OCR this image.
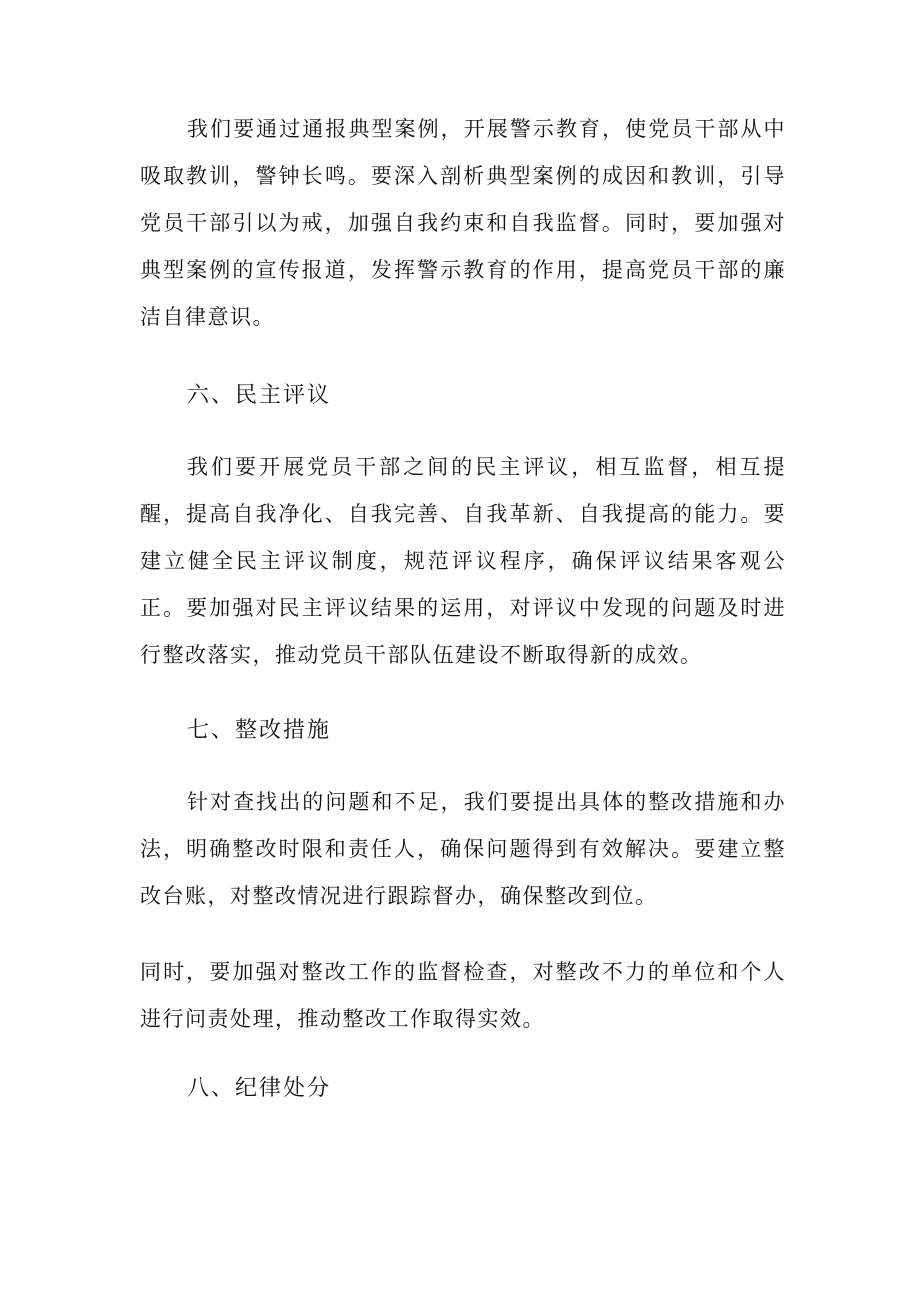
我们要通过通报典型案例，开展警示教育，使党员干部从中吸取教训，警钟长鸣。要深入剖析典型案例的成因和教训，引导党员干部引以为戒，加强自我约束和自我监督。同时，要加强对典型案例的宣传报道，发挥警示教育的作用，提高党员干部的廉洁自律意识。

六、民主评议

我们要开展党员干部之间的民主评议，相互监督，相互提醒，提高自我净化、自我完善、自我革新、自我提高的能力。要建立健全民主评议制度，规范评议程序，确保评议结果客观公正。要加强对民主评议结果的运用，对评议中发现的问题及时进行整改落实，推动党员干部队伍建设不断取得新的成效。

七、整改措施

针对查找出的问题和不足，我们要提出具体的整改措施和办法，明确整改时限和责任人，确保问题得到有效解决。要建立整改台账，对整改情况进行跟踪督办，确保整改到位。

同时，要加强对整改工作的监督检查，对整改不力的单位和个人进行问责处理，推动整改工作取得实效。

八、纪律处分
